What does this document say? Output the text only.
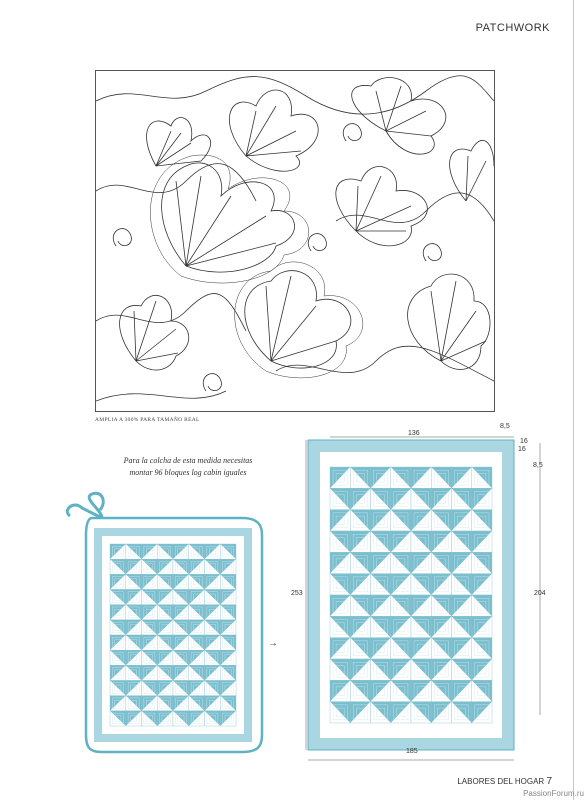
PATCHWORK
AMPLIA A 300% PARA TAMAÑO REAL
Para la colcha de esta medida necesitas
montar 96 bloques log cabin iguales
→
136
8,5
16
16
8,5
204
253
185
LABORES DEL HOGAR 7
PassionForum.ru
